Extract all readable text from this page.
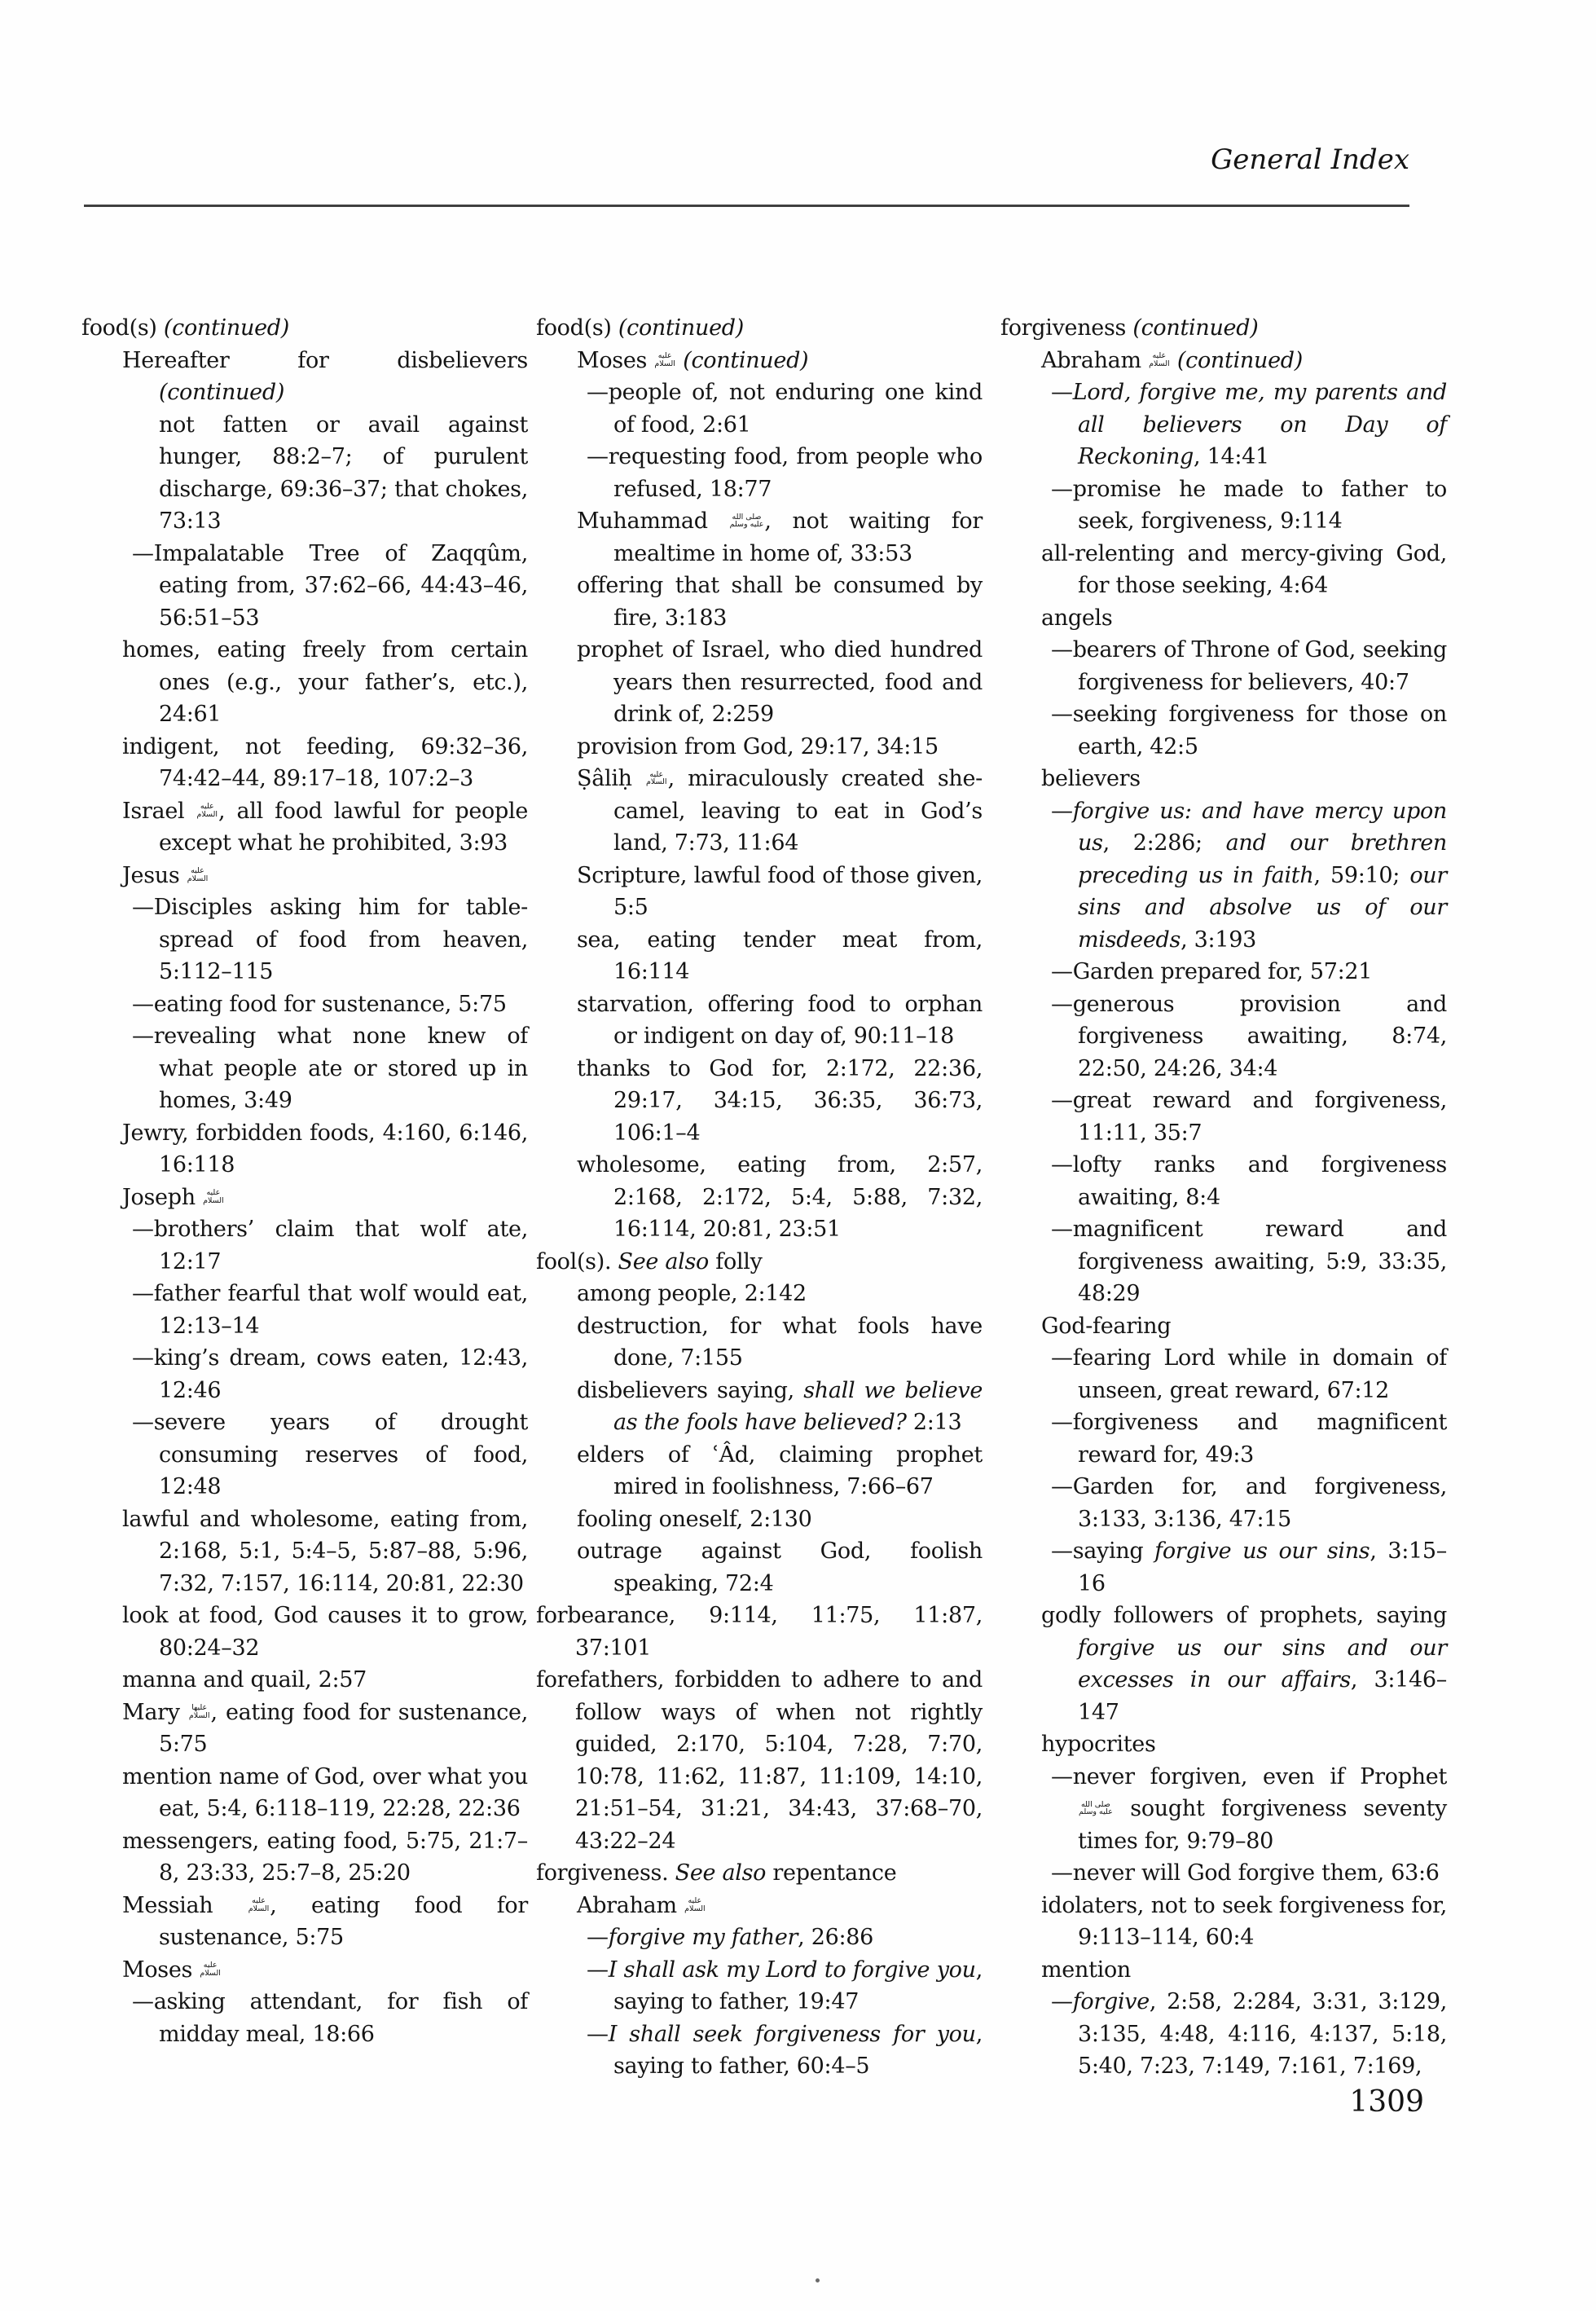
General Index
food(s) (continued)
Hereafter for disbelievers (continued)
not fatten or avail against hunger, 88:2–7; of purulent discharge, 69:36–37; that chokes, 73:13
—Impalatable Tree of Zaqqûm, eating from, 37:62–66, 44:43–46, 56:51–53
homes, eating freely from certain ones (e.g., your father’s, etc.), 24:61
indigent, not feeding, 69:32–36, 74:42–44, 89:17–18, 107:2–3
Israel عليه
السلام , all food lawful for people except what he prohibited, 3:93
Jesus عليه
السلام
—Disciples asking him for table-spread of food from heaven, 5:112–115
—eating food for sustenance, 5:75
—revealing what none knew of what people ate or stored up in homes, 3:49
Jewry, forbidden foods, 4:160, 6:146, 16:118
Joseph عليه
السلام
—brothers’ claim that wolf ate, 12:17
—father fearful that wolf would eat, 12:13–14
—king’s dream, cows eaten, 12:43, 12:46
—severe years of drought consuming reserves of food, 12:48
lawful and wholesome, eating from, 2:168, 5:1, 5:4–5, 5:87–88, 5:96, 7:32, 7:157, 16:114, 20:81, 22:30
look at food, God causes it to grow, 80:24–32
manna and quail, 2:57
Mary عليها
السلام , eating food for sustenance, 5:75
mention name of God, over what you eat, 5:4, 6:118–119, 22:28, 22:36
messengers, eating food, 5:75, 21:7–8, 23:33, 25:7–8, 25:20
Messiah عليه
السلام , eating food for sustenance, 5:75
Moses عليه
السلام
—asking attendant, for fish of midday meal, 18:66
food(s) (continued)
Moses عليه
السلام (continued)
—people of, not enduring one kind of food, 2:61
—requesting food, from people who refused, 18:77
Muhammad صلى الله
عليه وسلم , not waiting for mealtime in home of, 33:53
offering that shall be consumed by fire, 3:183
prophet of Israel, who died hundred years then resurrected, food and drink of, 2:259
provision from God, 29:17, 34:15
Ṣâliḥ عليه
السلام , miraculously created she-camel, leaving to eat in God’s land, 7:73, 11:64
Scripture, lawful food of those given, 5:5
sea, eating tender meat from, 16:114
starvation, offering food to orphan or indigent on day of, 90:11–18
thanks to God for, 2:172, 22:36, 29:17, 34:15, 36:35, 36:73, 106:1–4
wholesome, eating from, 2:57, 2:168, 2:172, 5:4, 5:88, 7:32, 16:114, 20:81, 23:51
fool(s). See also folly
among people, 2:142
destruction, for what fools have done, 7:155
disbelievers saying, shall we believe as the fools have believed? 2:13
elders of ʿÂd, claiming prophet mired in foolishness, 7:66–67
fooling oneself, 2:130
outrage against God, foolish speaking, 72:4
forbearance, 9:114, 11:75, 11:87, 37:101
forefathers, forbidden to adhere to and follow ways of when not rightly guided, 2:170, 5:104, 7:28, 7:70, 10:78, 11:62, 11:87, 11:109, 14:10, 21:51–54, 31:21, 34:43, 37:68–70, 43:22–24
forgiveness. See also repentance
Abraham عليه
السلام
—forgive my father, 26:86
—I shall ask my Lord to forgive you, saying to father, 19:47
—I shall seek forgiveness for you, saying to father, 60:4–5
forgiveness (continued)
Abraham عليه
السلام (continued)
—Lord, forgive me, my parents and all believers on Day of Reckoning, 14:41
—promise he made to father to seek, forgiveness, 9:114
all-relenting and mercy-giving God, for those seeking, 4:64
angels
—bearers of Throne of God, seeking forgiveness for believers, 40:7
—seeking forgiveness for those on earth, 42:5
believers
—forgive us: and have mercy upon us, 2:286; and our brethren preceding us in faith, 59:10; our sins and absolve us of our misdeeds, 3:193
—Garden prepared for, 57:21
—generous provision and forgiveness awaiting, 8:74, 22:50, 24:26, 34:4
—great reward and forgiveness, 11:11, 35:7
—lofty ranks and forgiveness awaiting, 8:4
—magnificent reward and forgiveness awaiting, 5:9, 33:35, 48:29
God-fearing
—fearing Lord while in domain of unseen, great reward, 67:12
—forgiveness and magnificent reward for, 49:3
—Garden for, and forgiveness, 3:133, 3:136, 47:15
—saying forgive us our sins, 3:15–16
godly followers of prophets, saying forgive us our sins and our excesses in our affairs, 3:146–147
hypocrites
—never forgiven, even if Prophet
صلى الله
عليه وسلم sought forgiveness seventy times for, 9:79–80
—never will God forgive them, 63:6
idolaters, not to seek forgiveness for, 9:113–114, 60:4
mention
—forgive, 2:58, 2:284, 3:31, 3:129, 3:135, 4:48, 4:116, 4:137, 5:18, 5:40, 7:23, 7:149, 7:161, 7:169,
1309
